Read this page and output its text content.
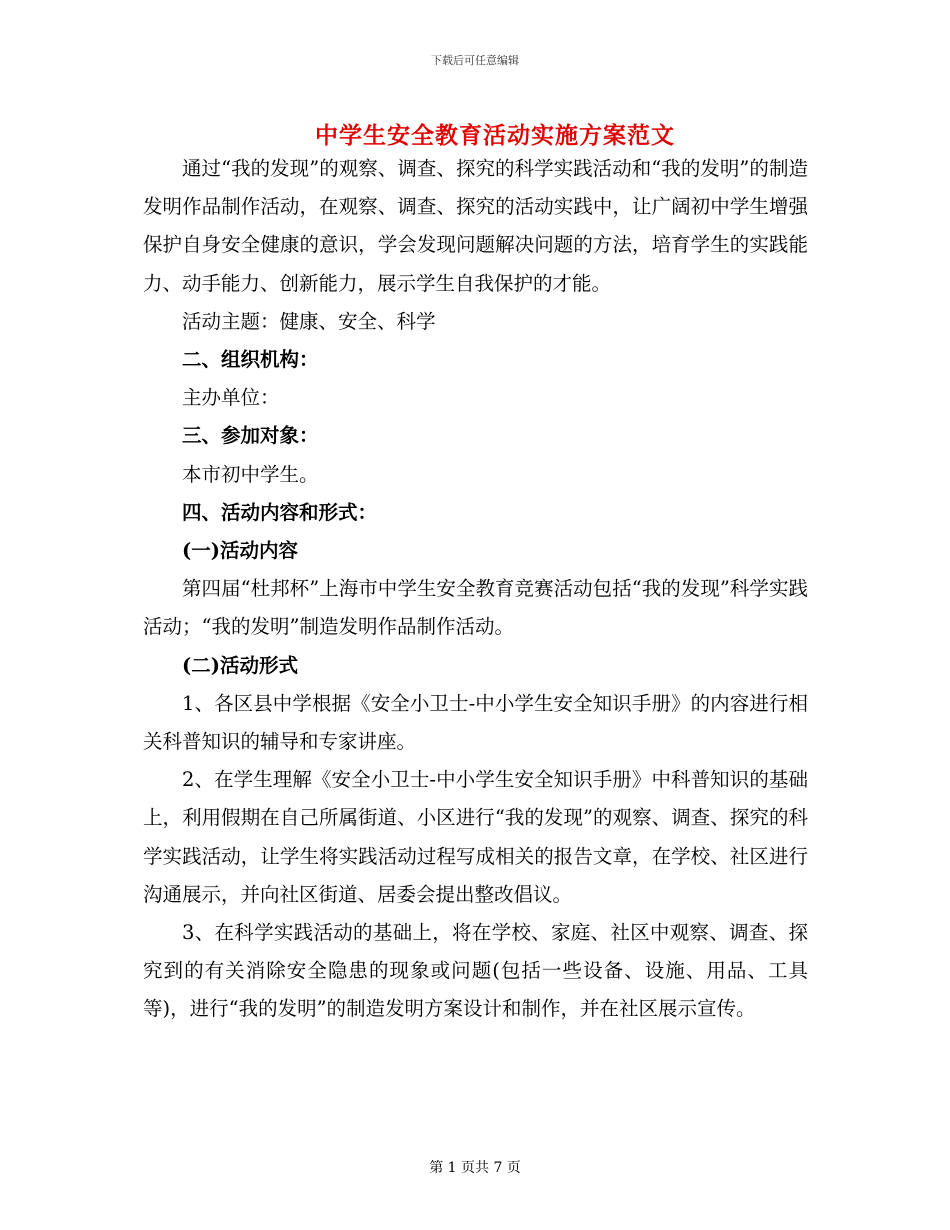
下载后可任意编辑
中学生安全教育活动实施方案范文

通过“我的发现”的观察、调查、探究的科学实践活动和“我的发明”的制造发明作品制作活动，在观察、调查、探究的活动实践中，让广阔初中学生增强保护自身安全健康的意识，学会发现问题解决问题的方法，培育学生的实践能力、动手能力、创新能力，展示学生自我保护的才能。

活动主题：健康、安全、科学

二、组织机构：

主办单位：

三、参加对象：

本市初中学生。

四、活动内容和形式：

(一)活动内容

第四届“杜邦杯”上海市中学生安全教育竞赛活动包括“我的发现”科学实践活动；“我的发明”制造发明作品制作活动。

(二)活动形式

1、各区县中学根据《安全小卫士-中小学生安全知识手册》的内容进行相关科普知识的辅导和专家讲座。

2、在学生理解《安全小卫士-中小学生安全知识手册》中科普知识的基础上，利用假期在自己所属街道、小区进行“我的发现”的观察、调查、探究的科学实践活动，让学生将实践活动过程写成相关的报告文章，在学校、社区进行沟通展示，并向社区街道、居委会提出整改倡议。

3、在科学实践活动的基础上，将在学校、家庭、社区中观察、调查、探究到的有关消除安全隐患的现象或问题(包括一些设备、设施、用品、工具等)，进行“我的发明”的制造发明方案设计和制作，并在社区展示宣传。

第 1 页共 7 页
